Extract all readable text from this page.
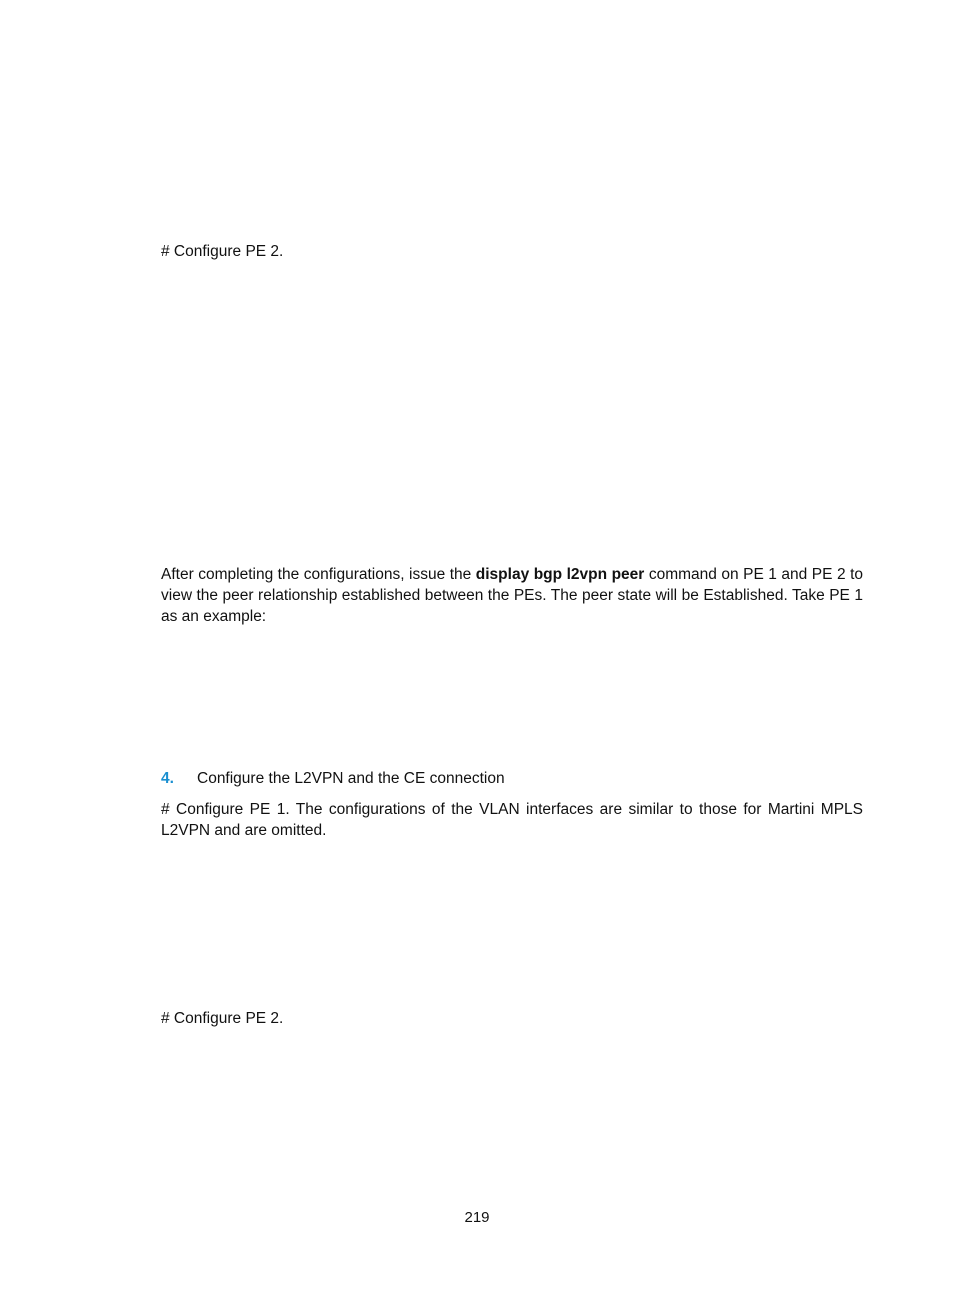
# Configure PE 2.
After completing the configurations, issue the display bgp l2vpn peer command on PE 1 and PE 2 to view the peer relationship established between the PEs. The peer state will be Established. Take PE 1 as an example:
4. Configure the L2VPN and the CE connection
# Configure PE 1. The configurations of the VLAN interfaces are similar to those for Martini MPLS L2VPN and are omitted.
# Configure PE 2.
219
